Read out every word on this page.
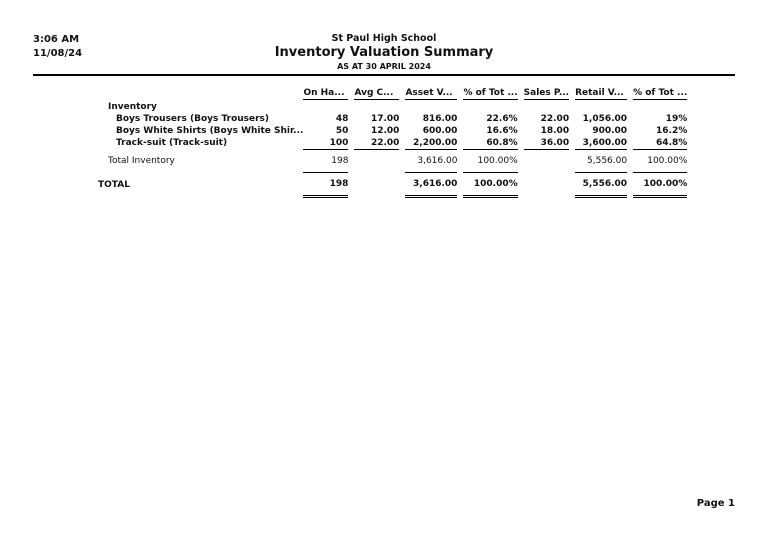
3:06 AM
11/08/24
St Paul High School
Inventory Valuation Summary
AS AT 30 APRIL 2024
	On Ha...		Avg C...		Asset V...		% of Tot ...		Sales P...		Retail V...		% of Tot ...
Inventory													
Boys Trousers (Boys Trousers)	48		17.00		816.00		22.6%		22.00		1,056.00		19%
Boys White Shirts (Boys White Shir...	50		12.00		600.00		16.6%		18.00		900.00		16.2%
Track-suit (Track-suit)	100		22.00		2,200.00		60.8%		36.00		3,600.00		64.8%
Total Inventory	198				3,616.00		100.00%				5,556.00		100.00%
TOTAL	198				3,616.00		100.00%				5,556.00		100.00%
Page 1
